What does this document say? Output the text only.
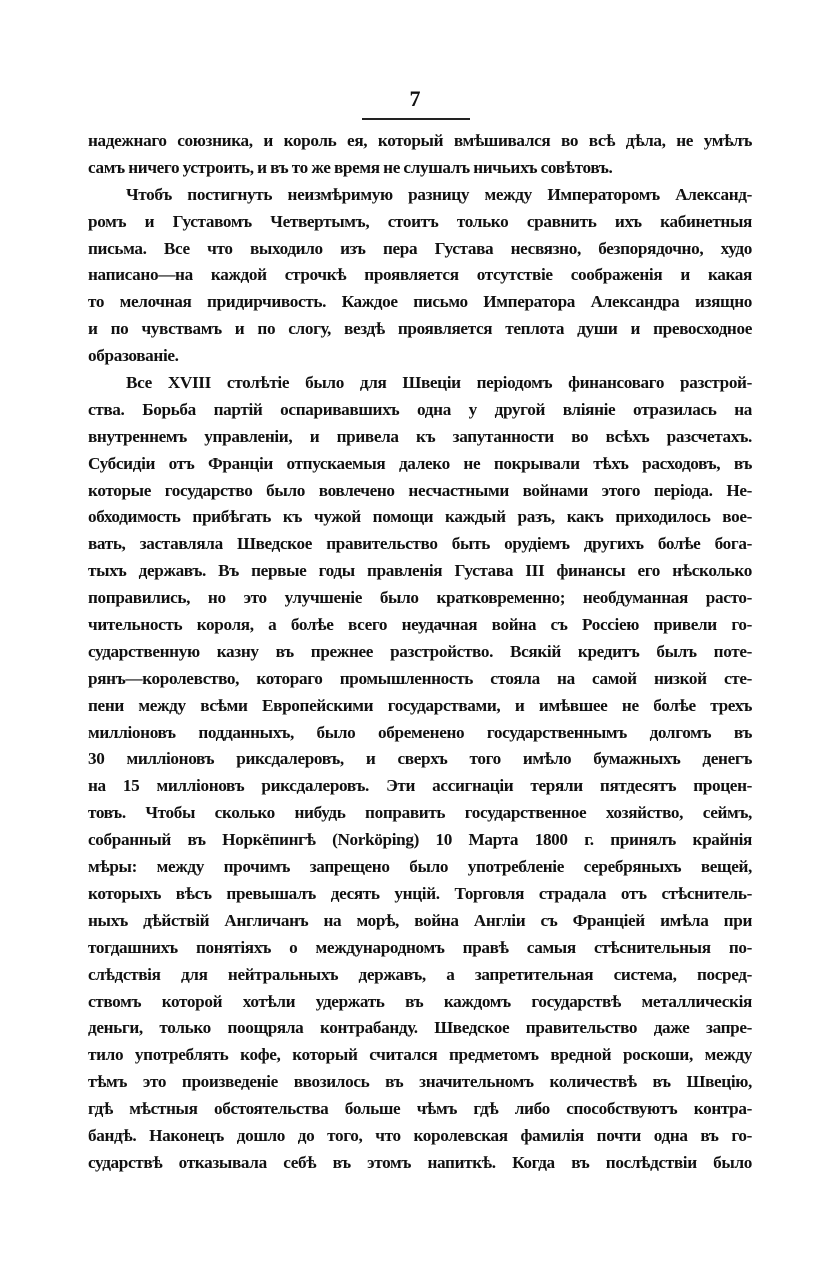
7
надежнаго союзника, и король ея, который вмѣшивался во всѣ дѣла, не умѣлъ
самъ ничего устроить, и въ то же время не слушалъ ничьихъ совѣтовъ.
Чтобъ постигнуть неизмѣримую разницу между Императоромъ Александ-
ромъ и Густавомъ Четвертымъ, стоитъ только сравнить ихъ кабинетныя
письма. Все что выходило изъ пера Густава несвязно, безпорядочно, худо
написано—на каждой строчкѣ проявляется отсутствіе соображенія и какая
то мелочная придирчивость. Каждое письмо Императора Александра изящно
и по чувствамъ и по слогу, вездѣ проявляется теплота души и превосходное
образованіе.
Все XVIII столѣтіе было для Швеціи періодомъ финансоваго разстрой-
ства. Борьба партій оспаривавшихъ одна у другой вліяніе отразилась на
внутреннемъ управленіи, и привела къ запутанности во всѣхъ разсчетахъ.
Субсидіи отъ Франціи отпускаемыя далеко не покрывали тѣхъ расходовъ, въ
которые государство было вовлечено несчастными войнами этого періода. Не-
обходимость прибѣгать къ чужой помощи каждый разъ, какъ приходилось вое-
вать, заставляла Шведское правительство быть орудіемъ другихъ болѣе бога-
тыхъ державъ. Въ первые годы правленія Густава III финансы его нѣсколько
поправились, но это улучшеніе было кратковременно; необдуманная расто-
чительность короля, а болѣе всего неудачная война съ Россіею привели го-
сударственную казну въ прежнее разстройство. Всякій кредитъ былъ поте-
рянъ—королевство, котораго промышленность стояла на самой низкой сте-
пени между всѣми Европейскими государствами, и имѣвшее не болѣе трехъ
милліоновъ подданныхъ, было обременено государственнымъ долгомъ въ
30 милліоновъ риксдалеровъ, и сверхъ того имѣло бумажныхъ денегъ
на 15 милліоновъ риксдалеровъ. Эти ассигнаціи теряли пятдесятъ процен-
товъ. Чтобы сколько нибудь поправить государственное хозяйство, сеймъ,
собранный въ Норкёпингѣ (Norköping) 10 Марта 1800 г. принялъ крайнія
мѣры: между прочимъ запрещено было употребленіе серебряныхъ вещей,
которыхъ вѣсъ превышалъ десять унцій. Торговля страдала отъ стѣснитель-
ныхъ дѣйствій Англичанъ на морѣ, война Англіи съ Франціей имѣла при
тогдашнихъ понятіяхъ о международномъ правѣ самыя стѣснительныя по-
слѣдствія для нейтральныхъ державъ, а запретительная система, посред-
ствомъ которой хотѣли удержать въ каждомъ государствѣ металлическія
деньги, только поощряла контрабанду. Шведское правительство даже запре-
тило употреблять кофе, который считался предметомъ вредной роскоши, между
тѣмъ это произведеніе ввозилось въ значительномъ количествѣ въ Швецію,
гдѣ мѣстныя обстоятельства больше чѣмъ гдѣ либо способствуютъ контра-
бандѣ. Наконецъ дошло до того, что королевская фамилія почти одна въ го-
сударствѣ отказывала себѣ въ этомъ напиткѣ. Когда въ послѣдствіи было
